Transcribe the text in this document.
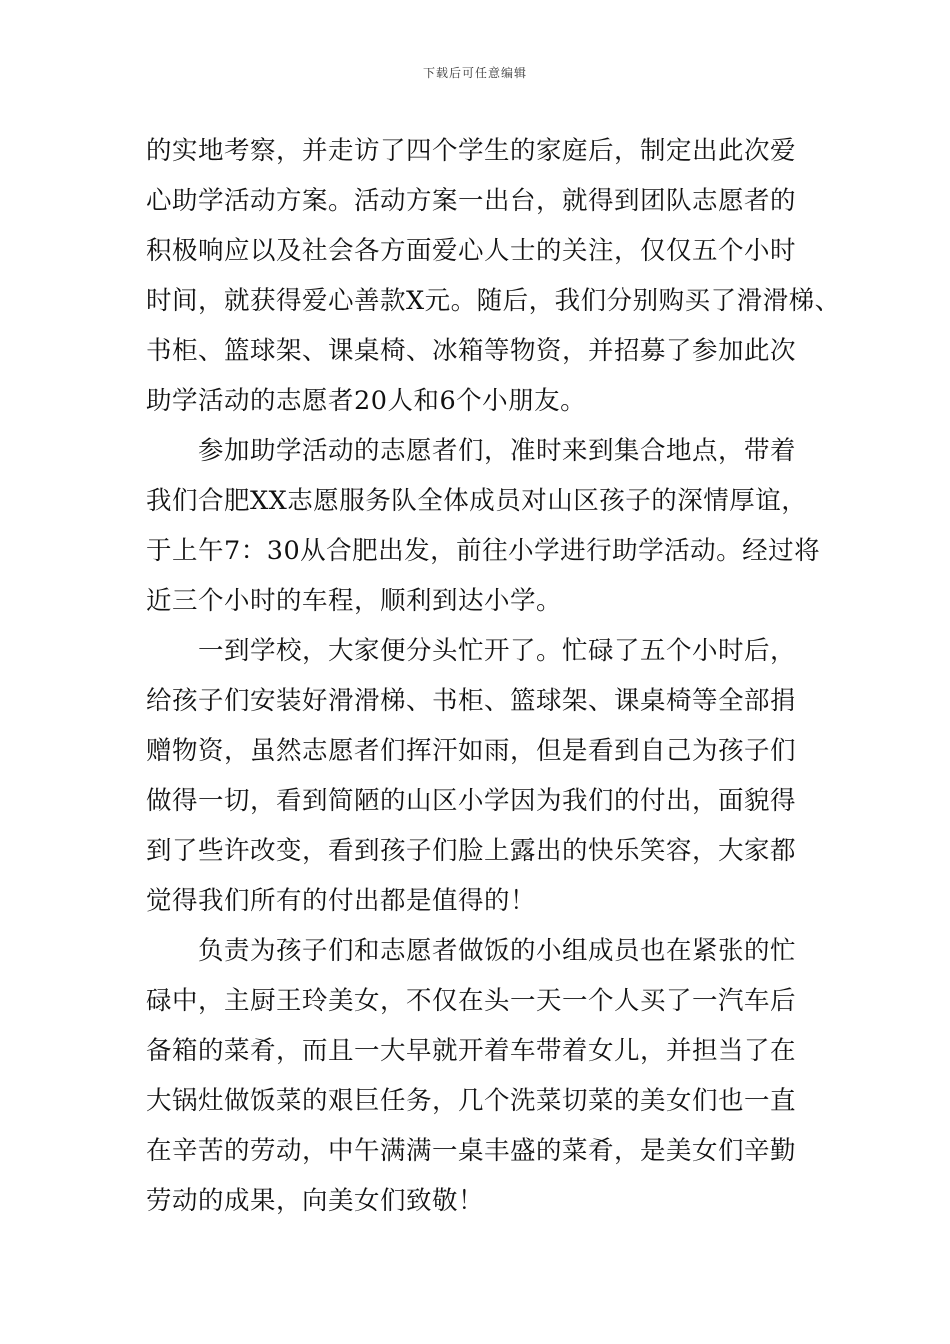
下载后可任意编辑
的实地考察，并走访了四个学生的家庭后，制定出此次爱
心助学活动方案。活动方案一出台，就得到团队志愿者的
积极响应以及社会各方面爱心人士的关注，仅仅五个小时
时间，就获得爱心善款X元。随后，我们分别购买了滑滑梯、
书柜、篮球架、课桌椅、冰箱等物资，并招募了参加此次
助学活动的志愿者20人和6个小朋友。
参加助学活动的志愿者们，准时来到集合地点，带着
我们合肥XX志愿服务队全体成员对山区孩子的深情厚谊，
于上午7：30从合肥出发，前往小学进行助学活动。经过将
近三个小时的车程，顺利到达小学。
一到学校，大家便分头忙开了。忙碌了五个小时后，
给孩子们安装好滑滑梯、书柜、篮球架、课桌椅等全部捐
赠物资，虽然志愿者们挥汗如雨，但是看到自己为孩子们
做得一切，看到简陋的山区小学因为我们的付出，面貌得
到了些许改变，看到孩子们脸上露出的快乐笑容，大家都
觉得我们所有的付出都是值得的！
负责为孩子们和志愿者做饭的小组成员也在紧张的忙
碌中，主厨王玲美女，不仅在头一天一个人买了一汽车后
备箱的菜肴，而且一大早就开着车带着女儿，并担当了在
大锅灶做饭菜的艰巨任务，几个洗菜切菜的美女们也一直
在辛苦的劳动，中午满满一桌丰盛的菜肴，是美女们辛勤
劳动的成果，向美女们致敬！
